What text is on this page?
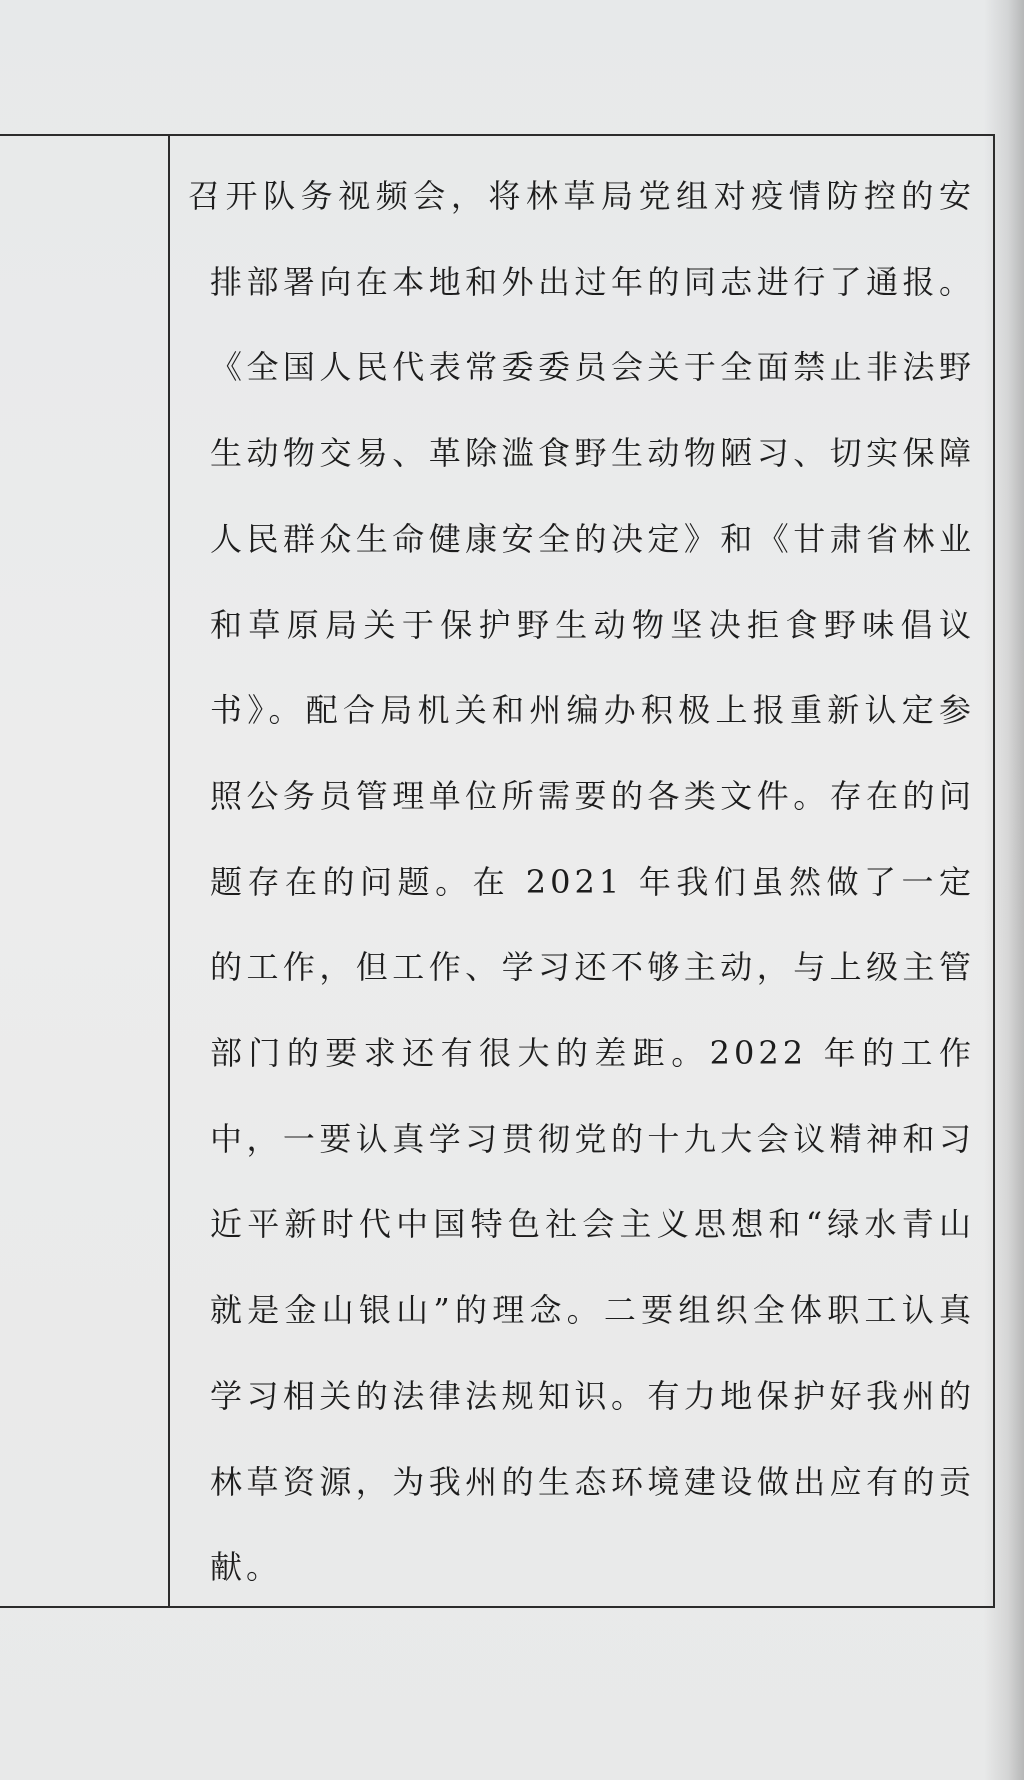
召开队务视频会，将林草局党组对疫情防控的安排部署向在本地和外出过年的同志进行了通报。《全国人民代表常委委员会关于全面禁止非法野生动物交易、革除滥食野生动物陋习、切实保障人民群众生命健康安全的决定》和《甘肃省林业和草原局关于保护野生动物坚决拒食野味倡议书》。配合局机关和州编办积极上报重新认定参照公务员管理单位所需要的各类文件。存在的问题存在的问题。在 2021 年我们虽然做了一定的工作，但工作、学习还不够主动，与上级主管部门的要求还有很大的差距。2022 年的工作中，一要认真学习贯彻党的十九大会议精神和习近平新时代中国特色社会主义思想和“绿水青山就是金山银山”的理念。二要组织全体职工认真学习相关的法律法规知识。有力地保护好我州的林草资源，为我州的生态环境建设做出应有的贡献。
